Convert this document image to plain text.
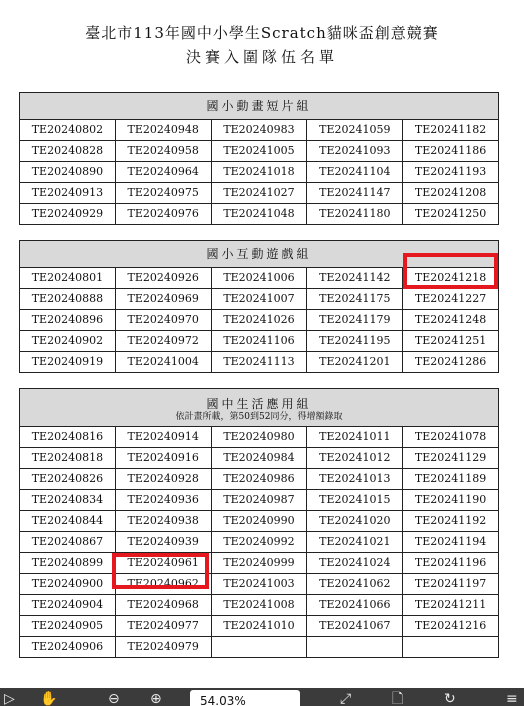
臺北市113年國中小學生Scratch貓咪盃創意競賽
決賽入圍隊伍名單
國小動畫短片組				
TE20240802	TE20240948	TE20240983	TE20241059	TE20241182
TE20240828	TE20240958	TE20241005	TE20241093	TE20241186
TE20240890	TE20240964	TE20241018	TE20241104	TE20241193
TE20240913	TE20240975	TE20241027	TE20241147	TE20241208
TE20240929	TE20240976	TE20241048	TE20241180	TE20241250
國小互動遊戲組				
TE20240801	TE20240926	TE20241006	TE20241142	TE20241218
TE20240888	TE20240969	TE20241007	TE20241175	TE20241227
TE20240896	TE20240970	TE20241026	TE20241179	TE20241248
TE20240902	TE20240972	TE20241106	TE20241195	TE20241251
TE20240919	TE20241004	TE20241113	TE20241201	TE20241286
國中生活應用組
依計畫所載，第50到52同分，得增額錄取				

TE20240816	TE20240914	TE20240980	TE20241011	TE20241078
TE20240818	TE20240916	TE20240984	TE20241012	TE20241129
TE20240826	TE20240928	TE20240986	TE20241013	TE20241189
TE20240834	TE20240936	TE20240987	TE20241015	TE20241190
TE20240844	TE20240938	TE20240990	TE20241020	TE20241192
TE20240867	TE20240939	TE20240992	TE20241021	TE20241194
TE20240899	TE20240961	TE20240999	TE20241024	TE20241196
TE20240900	TE20240962	TE20241003	TE20241062	TE20241197
TE20240904	TE20240968	TE20241008	TE20241066	TE20241211
TE20240905	TE20240977	TE20241010	TE20241067	TE20241216
TE20240906	TE20240979			
▷ ✋	⊖ ⊕	54.03%	⤢	🗋	↻	≡
